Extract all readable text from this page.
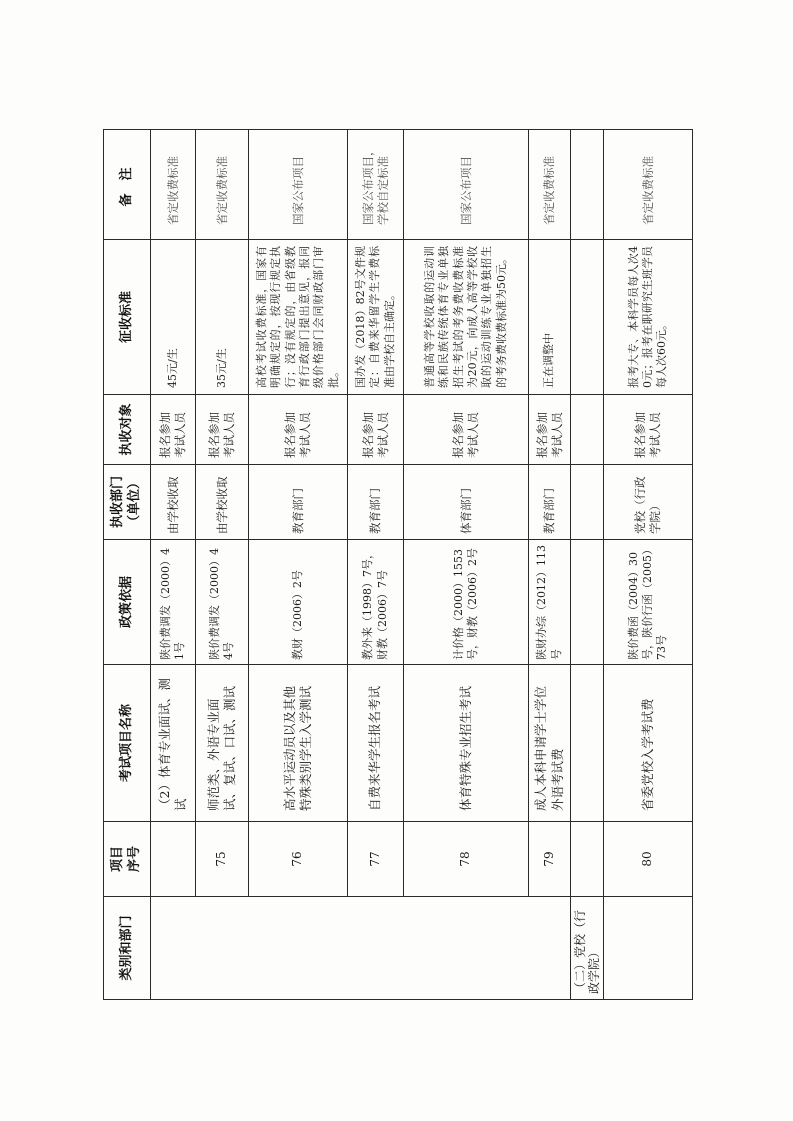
类别和部门	项目 序号	考试项目名称	政策依据	执收部门 （单位）	执收对象	征收标准	备注
		（2）体育专业面试、测试	陕价费调发（2000）41号	由学校收取	报名参加考试人员	45元/生	省定收费标准
	75	师范类、外语专业面试、复试、口试、测试	陕价费调发（2000）44号	由学校收取	报名参加考试人员	35元/生	省定收费标准
	76	高水平运动员以及其他特殊类别学生入学测试	教财（2006）2号	教育部门	报名参加考试人员	高校考试收费标准，国家有明确规定的，按现行规定执行；没有规定的，由省级教育行政部门提出意见，报同级价格部门会同财政部门审批。	国家公布项目
	77	自费来华学生报名考试	教外来（1998）7号，财教（2006）7号	教育部门	报名参加考试人员	国办发（2018）82号文件规定：自费来华留学生学费标准由学校自主确定。	国家公布项目，学校自定标准
	78	体育特殊专业招生考试	计价格（2000）1553号，财教（2006）2号	体育部门	报名参加考试人员	普通高等学校收取的运动训练和民族传统体育专业单独招生考试的考务费收费标准为20元，向成人高等学校收取的运动训练专业单独招生的考务费收费标准为50元。	国家公布项目
	79	成人本科申请学士学位外语考试费	陕财办综（2012）113号	教育部门	报名参加考试人员	正在调整中	省定收费标准
（二）党校（行政学院）							
	80	省委党校入学考试费	陕价费函（2004）30号，陕价行函（2005）73号	党校（行政学院）	报名参加考试人员	报考大专、本科学员每人次40元；报考在职研究生班学员每人次60元。	省定收费标准
